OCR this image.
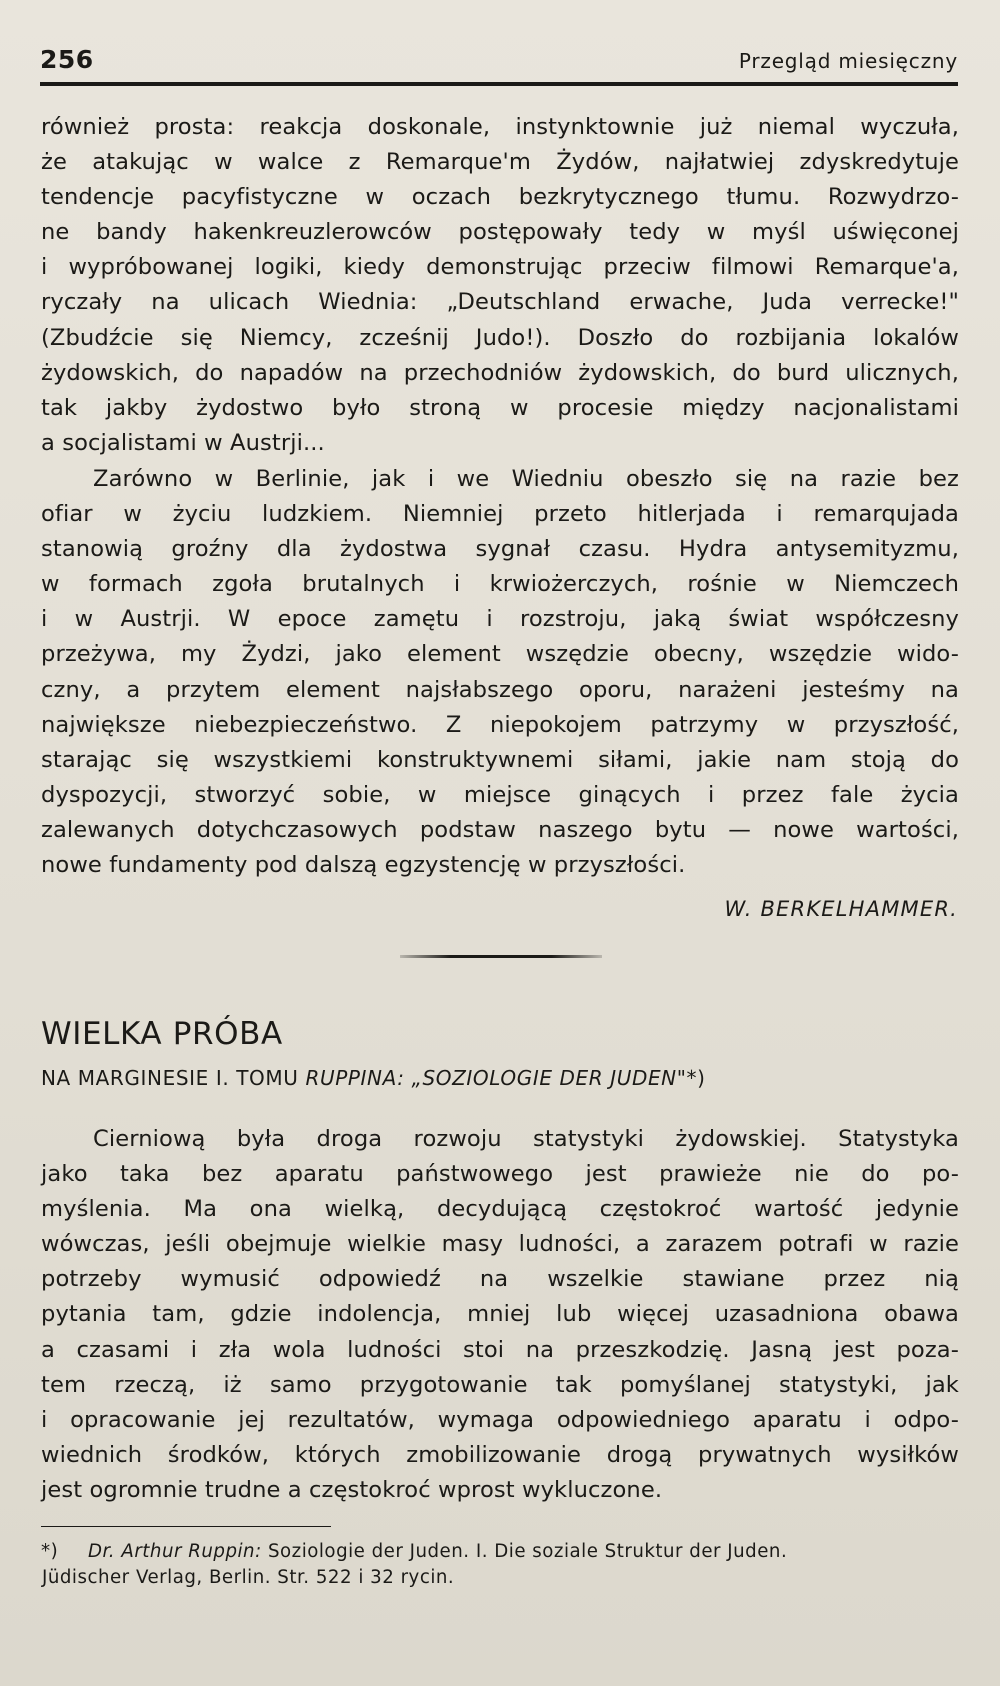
256	Przegląd miesięczny

również prosta: reakcja doskonale, instynktownie już niemal wyczuła,

że atakując w walce z Remarque'm Żydów, najłatwiej zdyskredytuje

tendencje pacyfistyczne w oczach bezkrytycznego tłumu. Rozwydrzo-

ne bandy hakenkreuzlerowców postępowały tedy w myśl uświęconej

i wypróbowanej logiki, kiedy demonstrując przeciw filmowi Remarque'a,

ryczały na ulicach Wiednia: „Deutschland erwache, Juda verrecke!"

(Zbudźcie się Niemcy, zcześnij Judo!). Doszło do rozbijania lokalów

żydowskich, do napadów na przechodniów żydowskich, do burd ulicznych,

tak jakby żydostwo było stroną w procesie między nacjonalistami

a socjalistami w Austrji...

Zarówno w Berlinie, jak i we Wiedniu obeszło się na razie bez

ofiar w życiu ludzkiem. Niemniej przeto hitlerjada i remarqujada

stanowią groźny dla żydostwa sygnał czasu. Hydra antysemityzmu,

w formach zgoła brutalnych i krwiożerczych, rośnie w Niemczech

i w Austrji. W epoce zamętu i rozstroju, jaką świat współczesny

przeżywa, my Żydzi, jako element wszędzie obecny, wszędzie wido-

czny, a przytem element najsłabszego oporu, narażeni jesteśmy na

największe niebezpieczeństwo. Z niepokojem patrzymy w przyszłość,

starając się wszystkiemi konstruktywnemi siłami, jakie nam stoją do

dyspozycji, stworzyć sobie, w miejsce ginących i przez fale życia

zalewanych dotychczasowych podstaw naszego bytu — nowe wartości,

nowe fundamenty pod dalszą egzystencję w przyszłości.

W. BERKELHAMMER.
WIELKA PRÓBA
NA MARGINESIE I. TOMU RUPPINA: „SOZIOLOGIE DER JUDEN"*)

Cierniową była droga rozwoju statystyki żydowskiej. Statystyka

jako taka bez aparatu państwowego jest prawieże nie do po-

myślenia. Ma ona wielką, decydującą częstokroć wartość jedynie

wówczas, jeśli obejmuje wielkie masy ludności, a zarazem potrafi w razie

potrzeby wymusić odpowiedź na wszelkie stawiane przez nią

pytania tam, gdzie indolencja, mniej lub więcej uzasadniona obawa

a czasami i zła wola ludności stoi na przeszkodzię. Jasną jest poza-

tem rzeczą, iż samo przygotowanie tak pomyślanej statystyki, jak

i opracowanie jej rezultatów, wymaga odpowiedniego aparatu i odpo-

wiednich środków, których zmobilizowanie drogą prywatnych wysiłków

jest ogromnie trudne a częstokroć wprost wykluczone.

*) Dr. Arthur Ruppin: Soziologie der Juden. I. Die soziale Struktur der Juden.
Jüdischer Verlag, Berlin. Str. 522 i 32 rycin.
